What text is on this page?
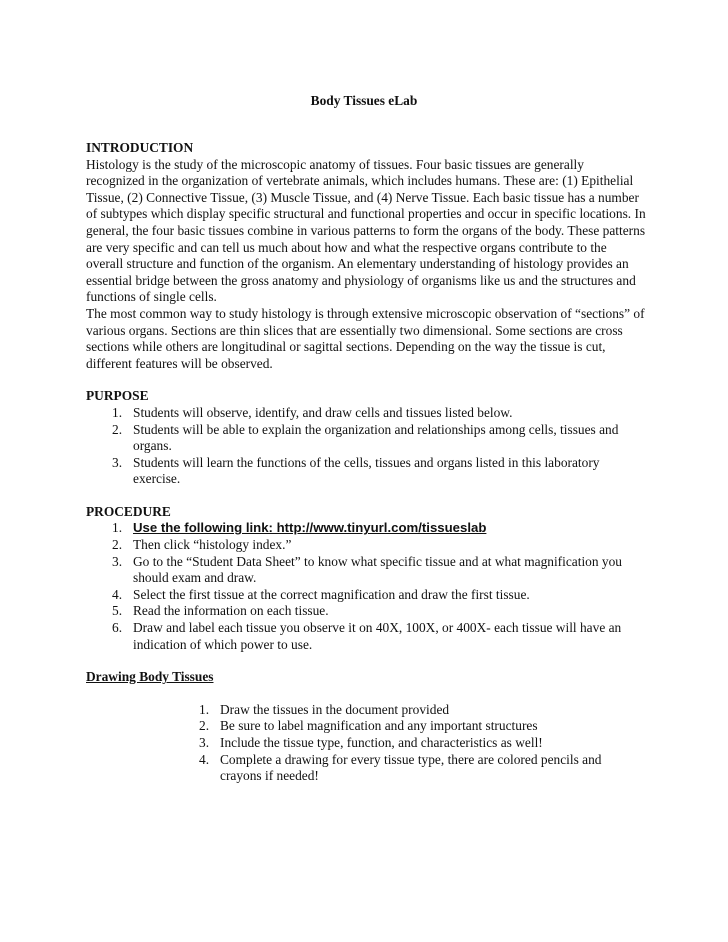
Body Tissues eLab

INTRODUCTION

Histology is the study of the microscopic anatomy of tissues. Four basic tissues are generally recognized in the organization of vertebrate animals, which includes humans. These are: (1) Epithelial Tissue, (2) Connective Tissue, (3) Muscle Tissue, and (4) Nerve Tissue. Each basic tissue has a number of subtypes which display specific structural and functional properties and occur in specific locations. In general, the four basic tissues combine in various patterns to form the organs of the body. These patterns are very specific and can tell us much about how and what the respective organs contribute to the overall structure and function of the organism. An elementary understanding of histology provides an essential bridge between the gross anatomy and physiology of organisms like us and the structures and functions of single cells.

The most common way to study histology is through extensive microscopic observation of “sections” of various organs. Sections are thin slices that are essentially two dimensional. Some sections are cross sections while others are longitudinal or sagittal sections. Depending on the way the tissue is cut, different features will be observed.

PURPOSE

1. Students will observe, identify, and draw cells and tissues listed below.
2. Students will be able to explain the organization and relationships among cells, tissues and organs.
3. Students will learn the functions of the cells, tissues and organs listed in this laboratory exercise.

PROCEDURE

1. Use the following link: http://www.tinyurl.com/tissueslab
2. Then click “histology index.”
3. Go to the “Student Data Sheet” to know what specific tissue and at what magnification you should exam and draw.
4. Select the first tissue at the correct magnification and draw the first tissue.
5. Read the information on each tissue.
6. Draw and label each tissue you observe it on 40X, 100X, or 400X- each tissue will have an indication of which power to use.

Drawing Body Tissues

1. Draw the tissues in the document provided
2. Be sure to label magnification and any important structures
3. Include the tissue type, function, and characteristics as well!
4. Complete a drawing for every tissue type, there are colored pencils and crayons if needed!
